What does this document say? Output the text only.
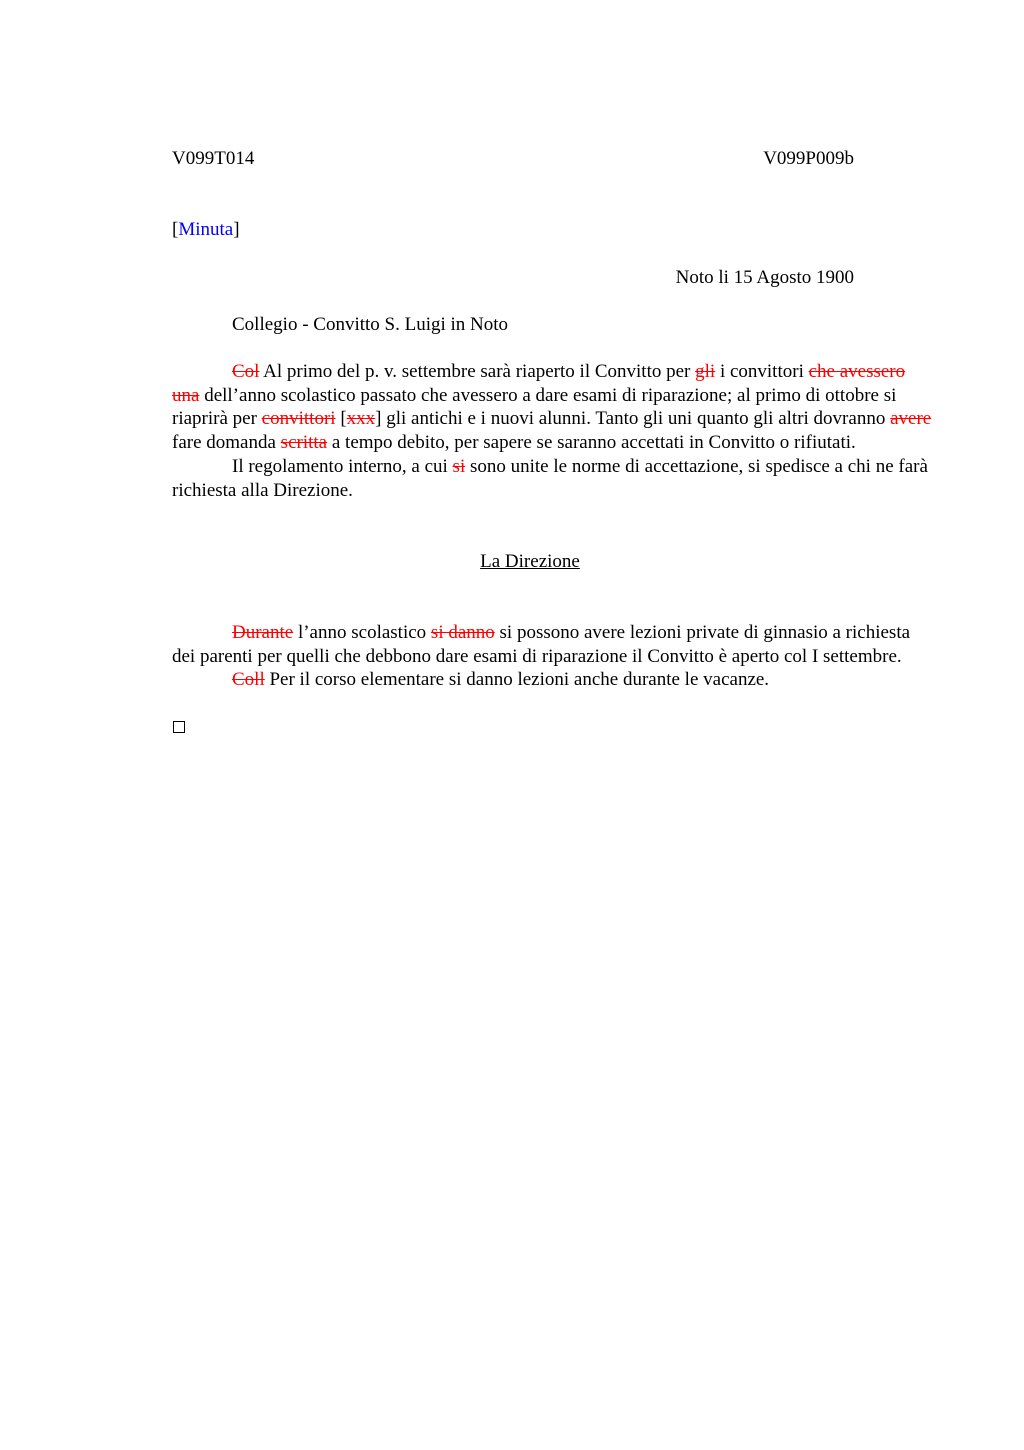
V099T014	V099P009b
[Minuta]
Noto li 15 Agosto 1900
Collegio - Convitto S. Luigi in Noto

Col Al primo del p. v. settembre sarà riaperto il Convitto per gli i convittori che avessero una dell’anno scolastico passato che avessero a dare esami di riparazione; al primo di ottobre si riaprirà per convittori [xxx] gli antichi e i nuovi alunni. Tanto gli uni quanto gli altri dovranno avere fare domanda scritta a tempo debito, per sapere se saranno accettati in Convitto o rifiutati.

Il regolamento interno, a cui si sono unite le norme di accettazione, si spedisce a chi ne farà richiesta alla Direzione.

La Direzione

Durante l’anno scolastico si danno si possono avere lezioni private di ginnasio a richiesta dei parenti per quelli che debbono dare esami di riparazione il Convitto è aperto col I settembre.

Coll Per il corso elementare si danno lezioni anche durante le vacanze.
